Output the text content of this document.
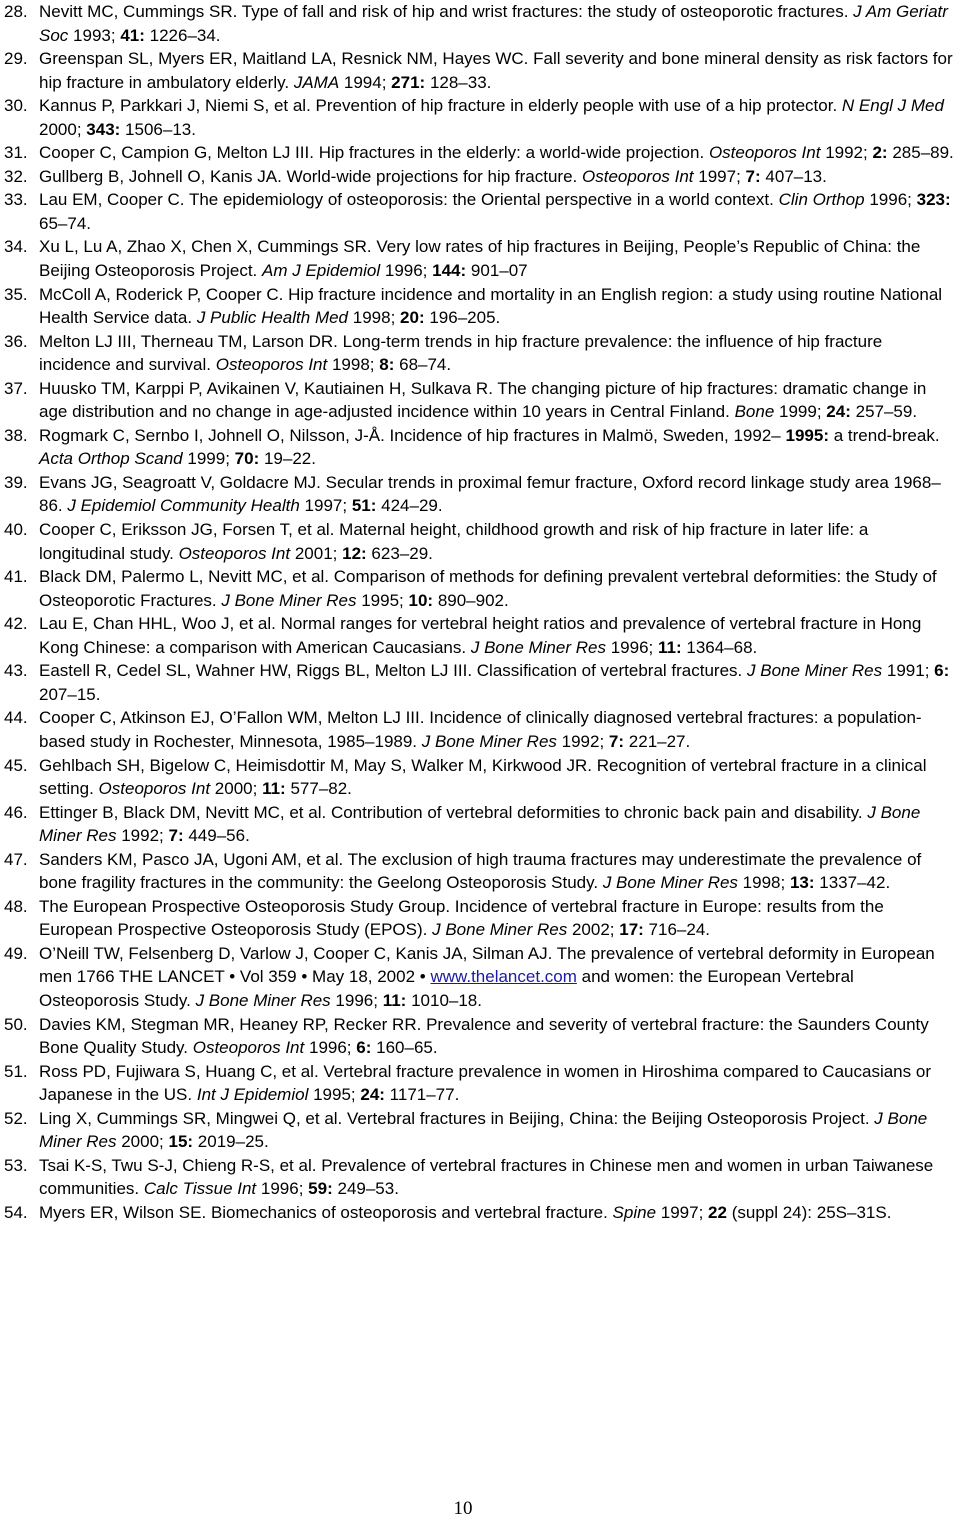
28. Nevitt MC, Cummings SR. Type of fall and risk of hip and wrist fractures: the study of osteoporotic fractures. J Am Geriatr Soc 1993; 41: 1226–34.
29. Greenspan SL, Myers ER, Maitland LA, Resnick NM, Hayes WC. Fall severity and bone mineral density as risk factors for hip fracture in ambulatory elderly. JAMA 1994; 271: 128–33.
30. Kannus P, Parkkari J, Niemi S, et al. Prevention of hip fracture in elderly people with use of a hip protector. N Engl J Med 2000; 343: 1506–13.
31. Cooper C, Campion G, Melton LJ III. Hip fractures in the elderly: a world-wide projection. Osteoporos Int 1992; 2: 285–89.
32. Gullberg B, Johnell O, Kanis JA. World-wide projections for hip fracture. Osteoporos Int 1997; 7: 407–13.
33. Lau EM, Cooper C. The epidemiology of osteoporosis: the Oriental perspective in a world context. Clin Orthop 1996; 323: 65–74.
34. Xu L, Lu A, Zhao X, Chen X, Cummings SR. Very low rates of hip fractures in Beijing, People’s Republic of China: the Beijing Osteoporosis Project. Am J Epidemiol 1996; 144: 901–07
35. McColl A, Roderick P, Cooper C. Hip fracture incidence and mortality in an English region: a study using routine National Health Service data. J Public Health Med 1998; 20: 196–205.
36. Melton LJ III, Therneau TM, Larson DR. Long-term trends in hip fracture prevalence: the influence of hip fracture incidence and survival. Osteoporos Int 1998; 8: 68–74.
37. Huusko TM, Karppi P, Avikainen V, Kautiainen H, Sulkava R. The changing picture of hip fractures: dramatic change in age distribution and no change in age-adjusted incidence within 10 years in Central Finland. Bone 1999; 24: 257–59.
38. Rogmark C, Sernbo I, Johnell O, Nilsson, J-Å. Incidence of hip fractures in Malmö, Sweden, 1992– 1995: a trend-break. Acta Orthop Scand 1999; 70: 19–22.
39. Evans JG, Seagroatt V, Goldacre MJ. Secular trends in proximal femur fracture, Oxford record linkage study area 1968–86. J Epidemiol Community Health 1997; 51: 424–29.
40. Cooper C, Eriksson JG, Forsen T, et al. Maternal height, childhood growth and risk of hip fracture in later life: a longitudinal study. Osteoporos Int 2001; 12: 623–29.
41. Black DM, Palermo L, Nevitt MC, et al. Comparison of methods for defining prevalent vertebral deformities: the Study of Osteoporotic Fractures. J Bone Miner Res 1995; 10: 890–902.
42. Lau E, Chan HHL, Woo J, et al. Normal ranges for vertebral height ratios and prevalence of vertebral fracture in Hong Kong Chinese: a comparison with American Caucasians. J Bone Miner Res 1996; 11: 1364–68.
43. Eastell R, Cedel SL, Wahner HW, Riggs BL, Melton LJ III. Classification of vertebral fractures. J Bone Miner Res 1991; 6: 207–15.
44. Cooper C, Atkinson EJ, O’Fallon WM, Melton LJ III. Incidence of clinically diagnosed vertebral fractures: a population-based study in Rochester, Minnesota, 1985–1989. J Bone Miner Res 1992; 7: 221–27.
45. Gehlbach SH, Bigelow C, Heimisdottir M, May S, Walker M, Kirkwood JR. Recognition of vertebral fracture in a clinical setting. Osteoporos Int 2000; 11: 577–82.
46. Ettinger B, Black DM, Nevitt MC, et al. Contribution of vertebral deformities to chronic back pain and disability. J Bone Miner Res 1992; 7: 449–56.
47. Sanders KM, Pasco JA, Ugoni AM, et al. The exclusion of high trauma fractures may underestimate the prevalence of bone fragility fractures in the community: the Geelong Osteoporosis Study. J Bone Miner Res 1998; 13: 1337–42.
48. The European Prospective Osteoporosis Study Group. Incidence of vertebral fracture in Europe: results from the European Prospective Osteoporosis Study (EPOS). J Bone Miner Res 2002; 17: 716–24.
49. O’Neill TW, Felsenberg D, Varlow J, Cooper C, Kanis JA, Silman AJ. The prevalence of vertebral deformity in European men 1766 THE LANCET • Vol 359 • May 18, 2002 • www.thelancet.com and women: the European Vertebral Osteoporosis Study. J Bone Miner Res 1996; 11: 1010–18.
50. Davies KM, Stegman MR, Heaney RP, Recker RR. Prevalence and severity of vertebral fracture: the Saunders County Bone Quality Study. Osteoporos Int 1996; 6: 160–65.
51. Ross PD, Fujiwara S, Huang C, et al. Vertebral fracture prevalence in women in Hiroshima compared to Caucasians or Japanese in the US. Int J Epidemiol 1995; 24: 1171–77.
52. Ling X, Cummings SR, Mingwei Q, et al. Vertebral fractures in Beijing, China: the Beijing Osteoporosis Project. J Bone Miner Res 2000; 15: 2019–25.
53. Tsai K-S, Twu S-J, Chieng R-S, et al. Prevalence of vertebral fractures in Chinese men and women in urban Taiwanese communities. Calc Tissue Int 1996; 59: 249–53.
54. Myers ER, Wilson SE. Biomechanics of osteoporosis and vertebral fracture. Spine 1997; 22 (suppl 24): 25S–31S.
10
